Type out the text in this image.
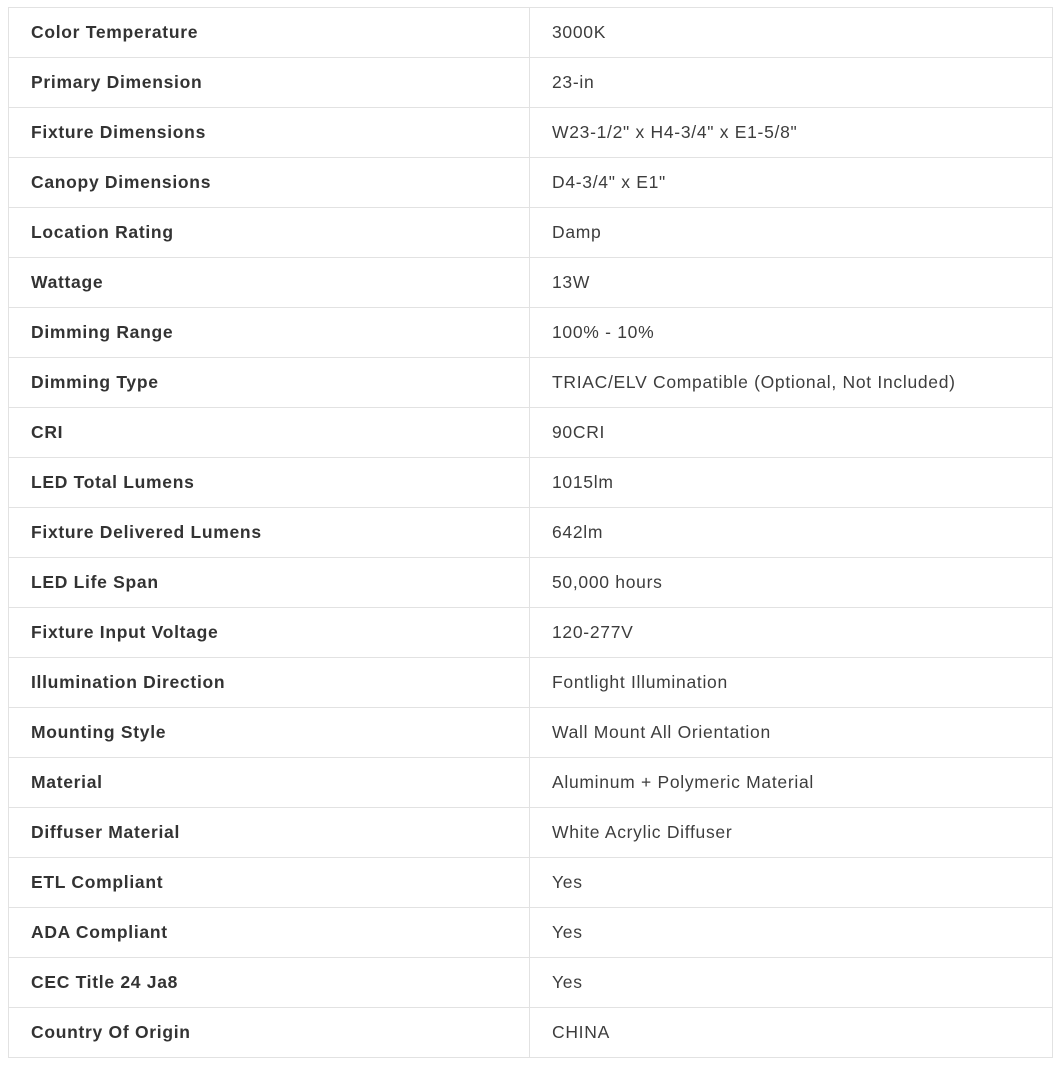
Color Temperature	3000K
Primary Dimension	23-in
Fixture Dimensions	W23-1/2" x H4-3/4" x E1-5/8"
Canopy Dimensions	D4-3/4" x E1"
Location Rating	Damp
Wattage	13W
Dimming Range	100% - 10%
Dimming Type	TRIAC/ELV Compatible (Optional, Not Included)
CRI	90CRI
LED Total Lumens	1015lm
Fixture Delivered Lumens	642lm
LED Life Span	50,000 hours
Fixture Input Voltage	120-277V
Illumination Direction	Fontlight Illumination
Mounting Style	Wall Mount All Orientation
Material	Aluminum + Polymeric Material
Diffuser Material	White Acrylic Diffuser
ETL Compliant	Yes
ADA Compliant	Yes
CEC Title 24 Ja8	Yes
Country Of Origin	CHINA
